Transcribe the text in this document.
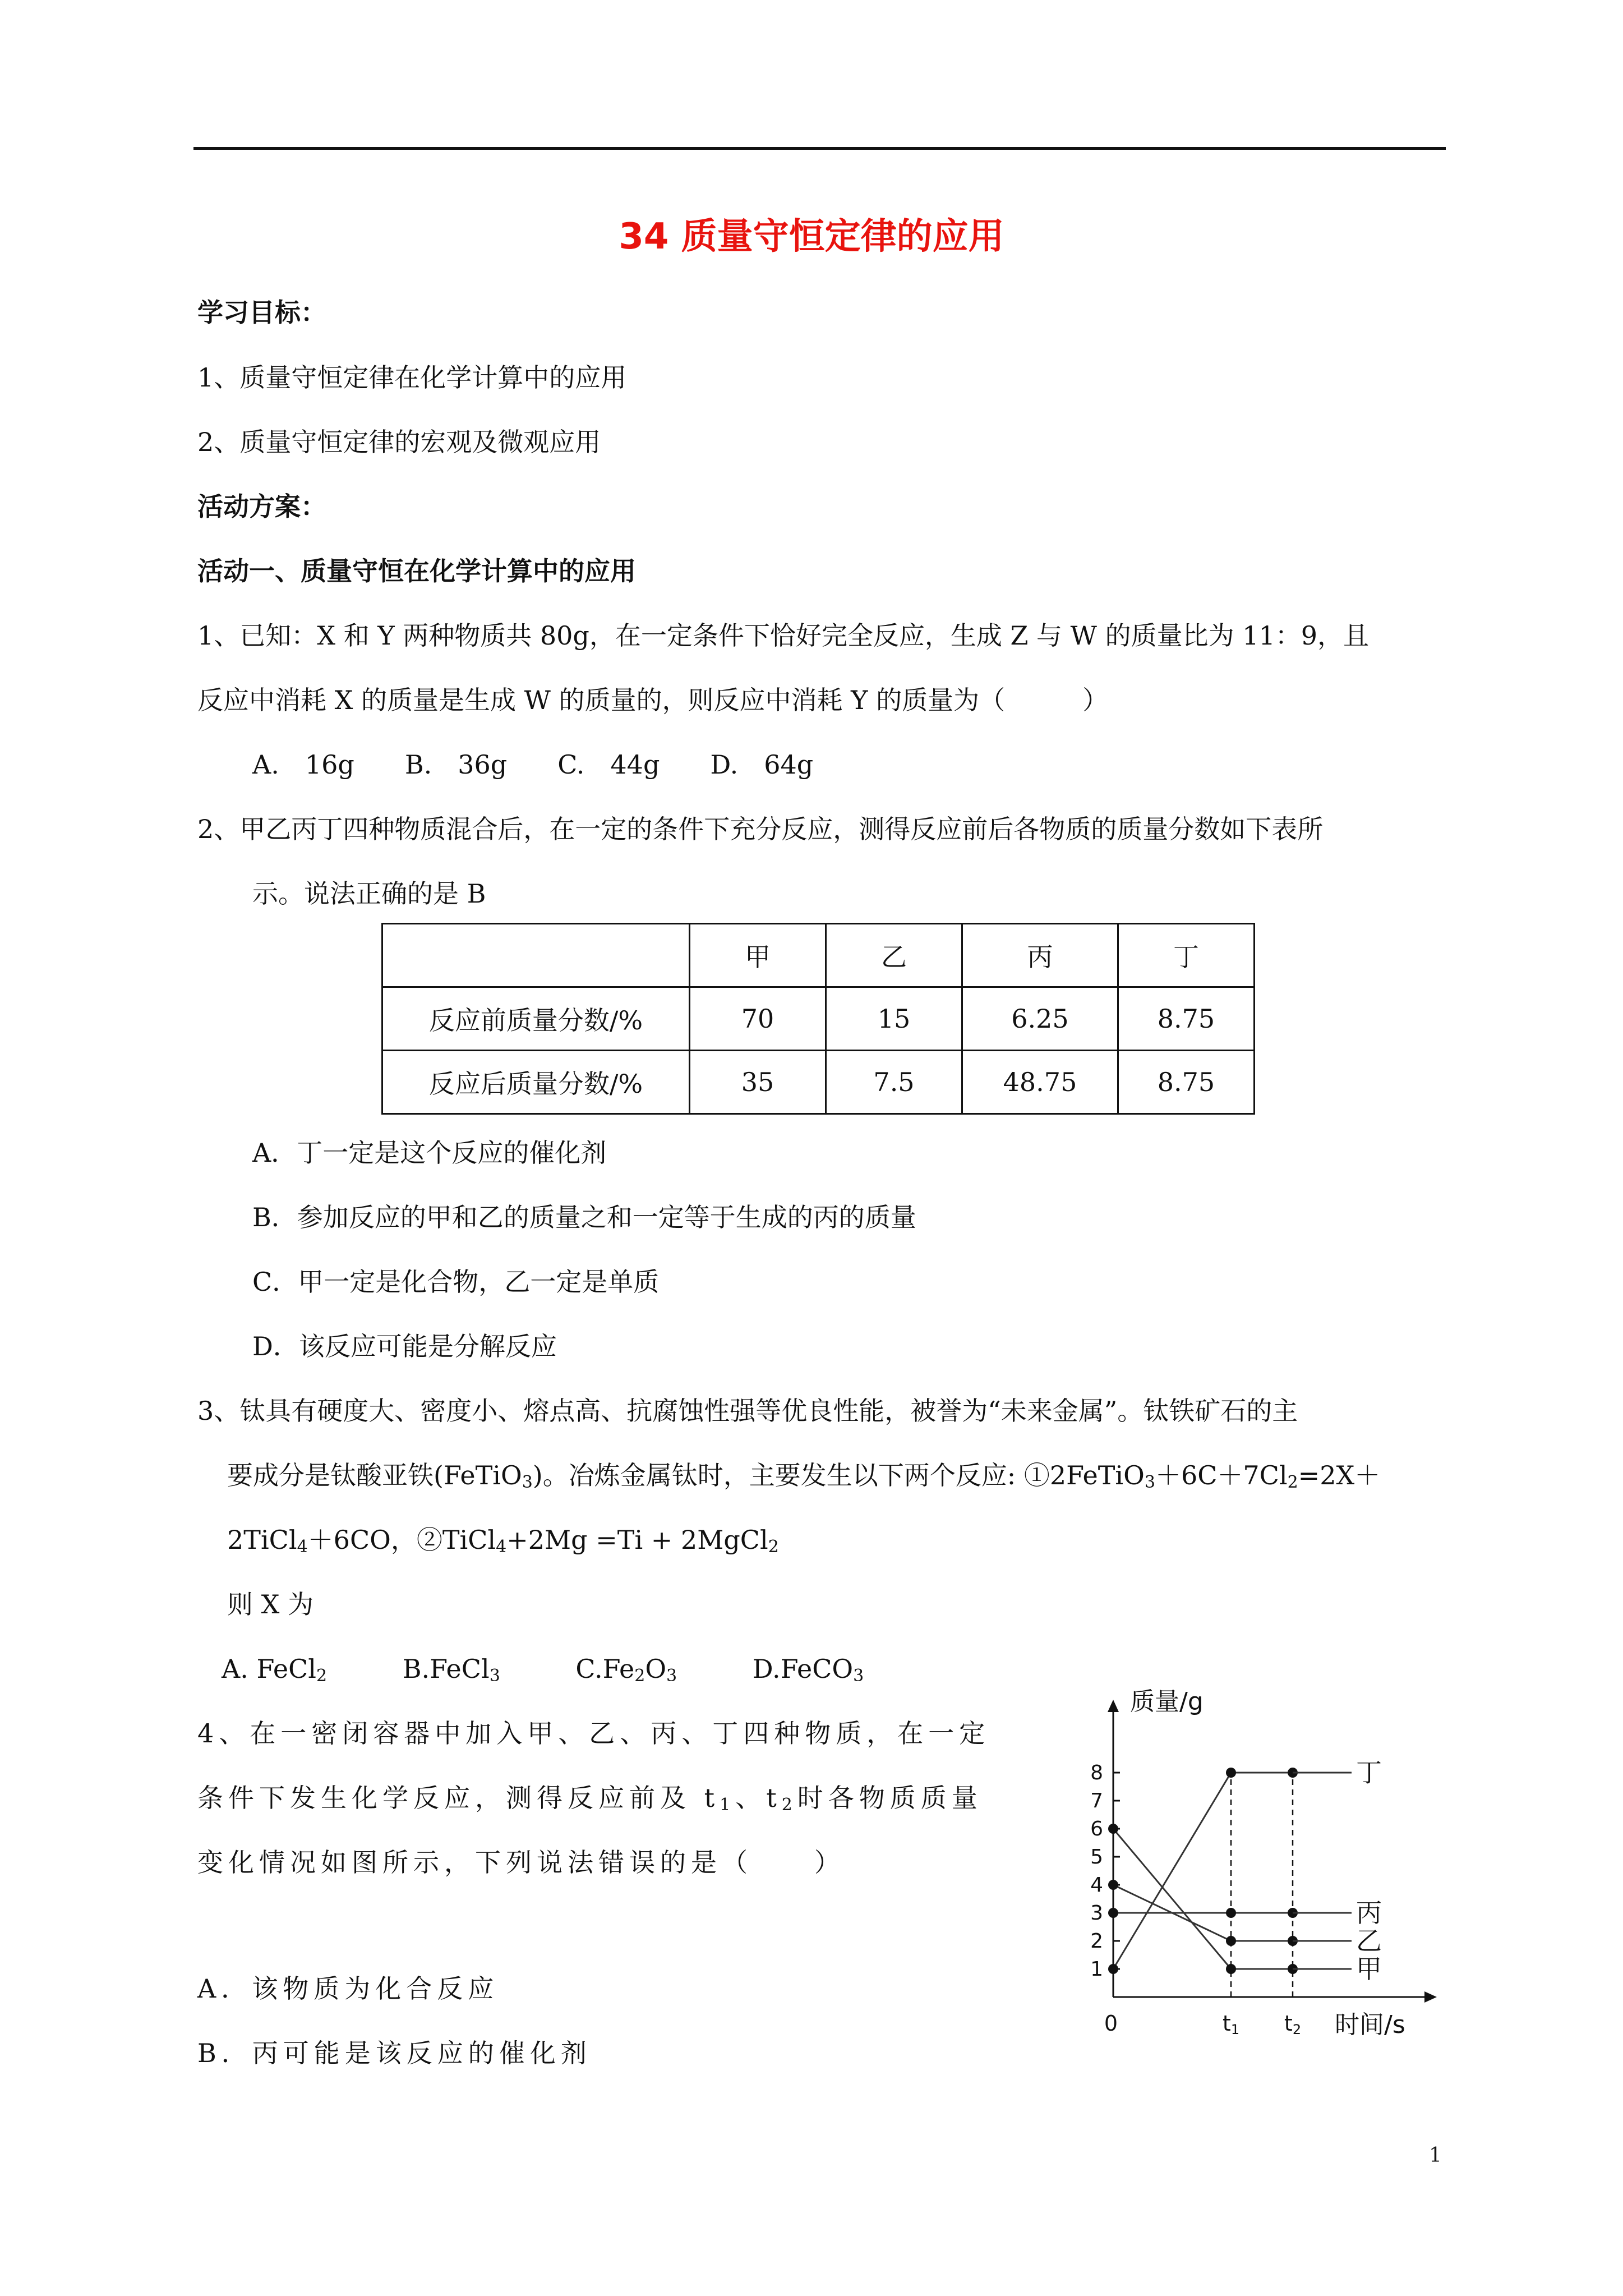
34 质量守恒定律的应用
学习目标：
1、质量守恒定律在化学计算中的应用
2、质量守恒定律的宏观及微观应用
活动方案：
活动一、质量守恒在化学计算中的应用
1、已知：X 和 Y 两种物质共 80g，在一定条件下恰好完全反应，生成 Z 与 W 的质量比为 11：9，且
反应中消耗 X 的质量是生成 W 的质量的，则反应中消耗 Y 的质量为（　　　）
A.　16g B.　36g C.　44g D.　64g
2、甲乙丙丁四种物质混合后，在一定的条件下充分反应，测得反应前后各物质的质量分数如下表所
示。说法正确的是 B
	甲	乙	丙	丁
反应前质量分数/%	70	15	6.25	8.75
反应后质量分数/%	35	7.5	48.75	8.75
A．丁一定是这个反应的催化剂
B．参加反应的甲和乙的质量之和一定等于生成的丙的质量
C．甲一定是化合物，乙一定是单质
D．该反应可能是分解反应
3、钛具有硬度大、密度小、熔点高、抗腐蚀性强等优良性能，被誉为“未来金属”。钛铁矿石的主
要成分是钛酸亚铁(FeTiO$_3$)。冶炼金属钛时，主要发生以下两个反应: $①2FeTiO_3+6C+7Cl_2=2X+$
2TiCl$_4$＋6CO，②TiCl$_4$+2Mg =Ti + 2MgCl$_2$
则 X 为
A. FeCl$_2$	B.FeCl$_3$	$C.Fe_2O_3$	D.FeCO$_3$
4、在一密闭容器中加入甲、乙、丙、丁四种物质，在一定
条件下发生化学反应，测得反应前及 $t_1$、$t_2$时各物质质量
变化情况如图所示，下列说法错误的是（　　）
A．该物质为化合反应
B．丙可能是该反应的催化剂
1
2
3
4
5
6
7
8
0	t1 t2
质量/g
时间/s
丁
丙
乙
甲
1
